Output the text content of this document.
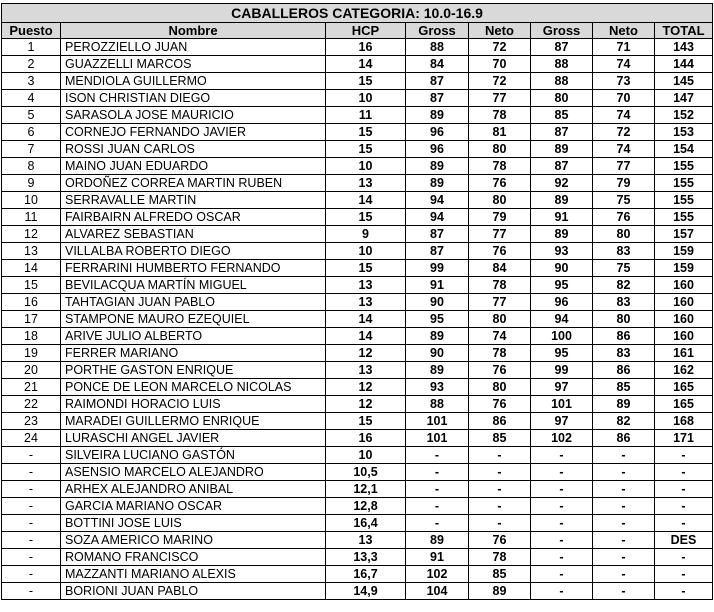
CABALLEROS CATEGORIA: 10.0-16.9							
Puesto	Nombre	HCP	Gross	Neto	Gross	Neto	TOTAL
1	PEROZZIELLO JUAN	16	88	72	87	71	143
2	GUAZZELLI MARCOS	14	84	70	88	74	144
3	MENDIOLA GUILLERMO	15	87	72	88	73	145
4	ISON CHRISTIAN DIEGO	10	87	77	80	70	147
5	SARASOLA JOSE MAURICIO	11	89	78	85	74	152
6	CORNEJO FERNANDO JAVIER	15	96	81	87	72	153
7	ROSSI JUAN CARLOS	15	96	80	89	74	154
8	MAINO JUAN EDUARDO	10	89	78	87	77	155
9	ORDOÑEZ CORREA MARTIN RUBEN	13	89	76	92	79	155
10	SERRAVALLE MARTIN	14	94	80	89	75	155
11	FAIRBAIRN ALFREDO OSCAR	15	94	79	91	76	155
12	ALVAREZ SEBASTIAN	9	87	77	89	80	157
13	VILLALBA ROBERTO DIEGO	10	87	76	93	83	159
14	FERRARINI HUMBERTO FERNANDO	15	99	84	90	75	159
15	BEVILACQUA MARTÍN MIGUEL	13	91	78	95	82	160
16	TAHTAGIAN JUAN PABLO	13	90	77	96	83	160
17	STAMPONE MAURO EZEQUIEL	14	95	80	94	80	160
18	ARIVE JULIO ALBERTO	14	89	74	100	86	160
19	FERRER MARIANO	12	90	78	95	83	161
20	PORTHE GASTON ENRIQUE	13	89	76	99	86	162
21	PONCE DE LEON MARCELO NICOLAS	12	93	80	97	85	165
22	RAIMONDI HORACIO LUIS	12	88	76	101	89	165
23	MARADEI GUILLERMO ENRIQUE	15	101	86	97	82	168
24	LURASCHI ANGEL JAVIER	16	101	85	102	86	171
-	SILVEIRA LUCIANO GASTÓN	10	-	-	-	-	-
-	ASENSIO MARCELO ALEJANDRO	10,5	-	-	-	-	-
-	ARHEX ALEJANDRO ANIBAL	12,1	-	-	-	-	-
-	GARCIA MARIANO OSCAR	12,8	-	-	-	-	-
-	BOTTINI JOSE LUIS	16,4	-	-	-	-	-
-	SOZA AMERICO MARINO	13	89	76	-	-	DES
-	ROMANO FRANCISCO	13,3	91	78	-	-	-
-	MAZZANTI MARIANO ALEXIS	16,7	102	85	-	-	-
-	BORIONI JUAN PABLO	14,9	104	89	-	-	-
